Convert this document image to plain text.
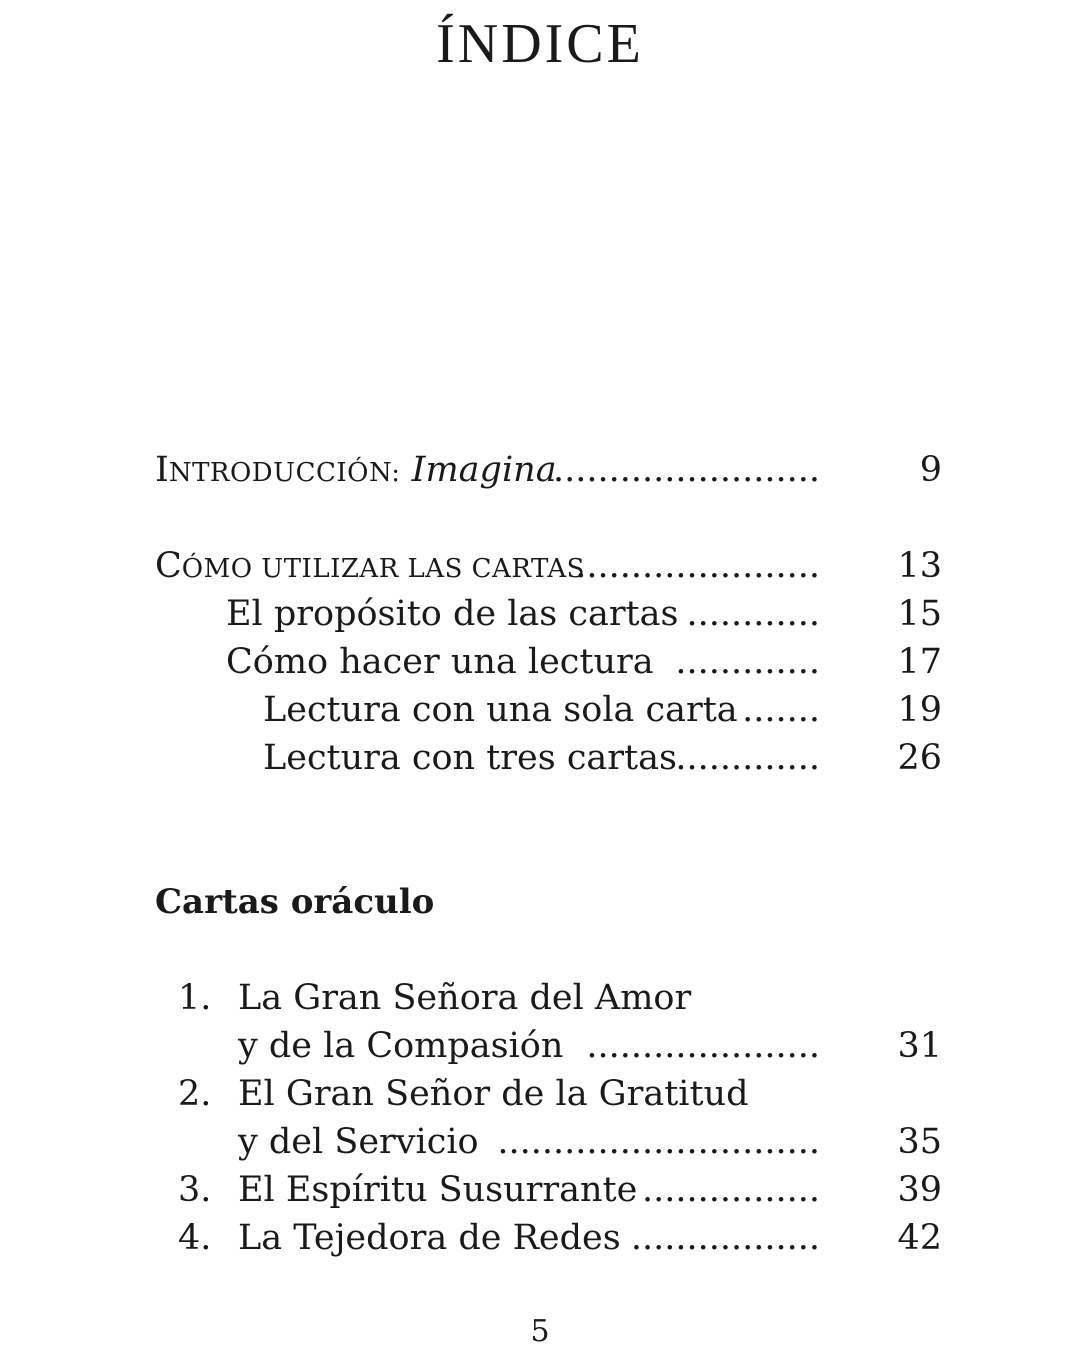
ÍNDICE
INTRODUCCIÓN: Imagina
........................	9
CÓMO UTILIZAR LAS CARTAS
...................... 13
El propósito de las cartas ............ 15
Cómo hacer una lectura ............. 17
Lectura con una sola carta ....... 19
Lectura con tres cartas
............. 26
Cartas oráculo
1. La Gran Señora del Amor
y de la Compasión ..................... 31
2. El Gran Señor de la Gratitud
y del Servicio ............................. 35
3. El Espíritu Susurrante ................ 39
4. La Tejedora de Redes ................. 42
5
